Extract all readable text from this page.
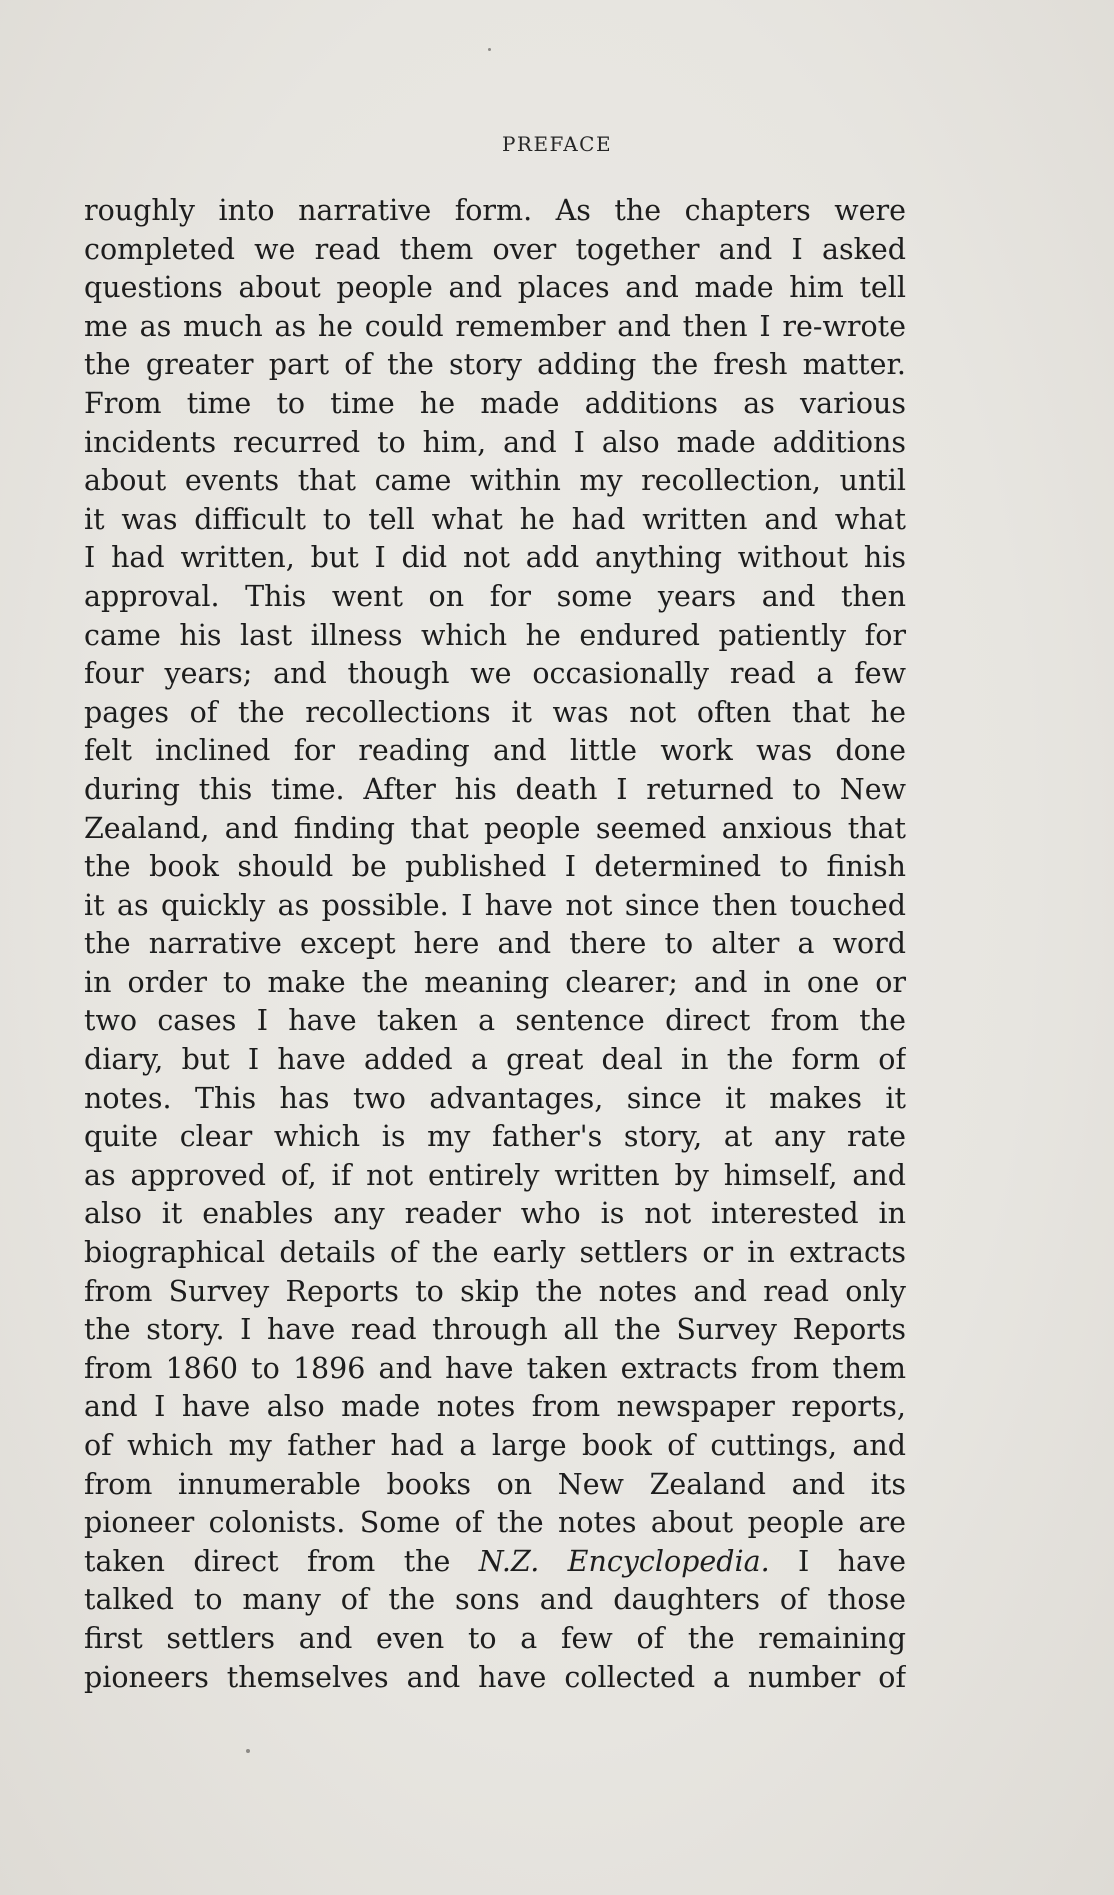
PREFACE
roughly into narrative form. As the chapters were
completed we read them over together and I asked
questions about people and places and made him tell
me as much as he could remember and then I re-wrote
the greater part of the story adding the fresh matter.
From time to time he made additions as various
incidents recurred to him, and I also made additions
about events that came within my recollection, until
it was difficult to tell what he had written and what
I had written, but I did not add anything without his
approval. This went on for some years and then
came his last illness which he endured patiently for
four years; and though we occasionally read a few
pages of the recollections it was not often that he
felt inclined for reading and little work was done
during this time. After his death I returned to New
Zealand, and finding that people seemed anxious that
the book should be published I determined to finish
it as quickly as possible. I have not since then touched
the narrative except here and there to alter a word
in order to make the meaning clearer; and in one or
two cases I have taken a sentence direct from the
diary, but I have added a great deal in the form of
notes. This has two advantages, since it makes it
quite clear which is my father's story, at any rate
as approved of, if not entirely written by himself, and
also it enables any reader who is not interested in
biographical details of the early settlers or in extracts
from Survey Reports to skip the notes and read only
the story. I have read through all the Survey Reports
from 1860 to 1896 and have taken extracts from them
and I have also made notes from newspaper reports,
of which my father had a large book of cuttings, and
from innumerable books on New Zealand and its
pioneer colonists. Some of the notes about people are
taken direct from the N.Z. Encyclopedia. I have
talked to many of the sons and daughters of those
first settlers and even to a few of the remaining
pioneers themselves and have collected a number of
